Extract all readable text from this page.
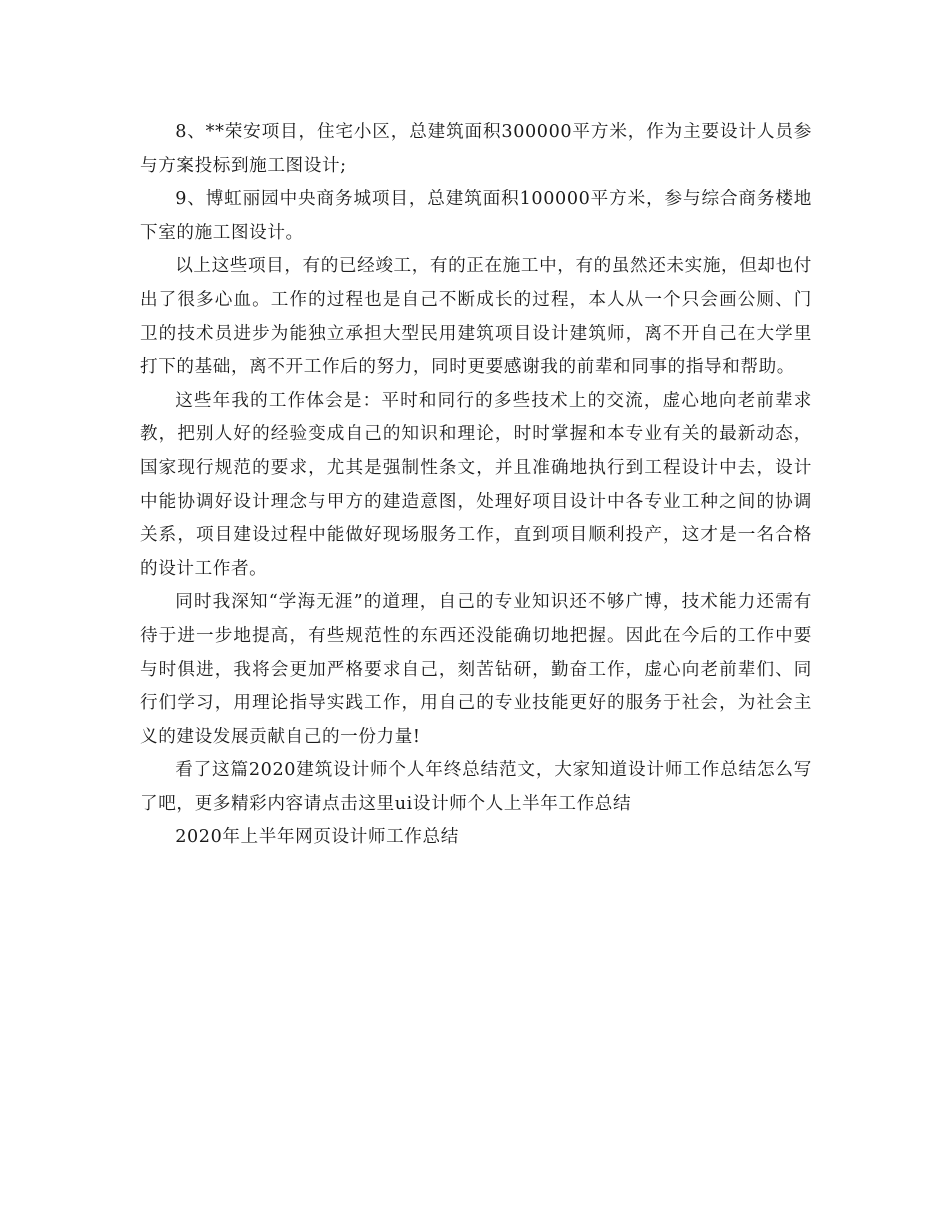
8、**荣安项目，住宅小区，总建筑面积300000平方米，作为主要设计人员参与方案投标到施工图设计;

9、博虹丽园中央商务城项目，总建筑面积100000平方米，参与综合商务楼地下室的施工图设计。

以上这些项目，有的已经竣工，有的正在施工中，有的虽然还未实施，但却也付出了很多心血。工作的过程也是自己不断成长的过程，本人从一个只会画公厕、门卫的技术员进步为能独立承担大型民用建筑项目设计建筑师，离不开自己在大学里打下的基础，离不开工作后的努力，同时更要感谢我的前辈和同事的指导和帮助。

这些年我的工作体会是：平时和同行的多些技术上的交流，虚心地向老前辈求教，把别人好的经验变成自己的知识和理论，时时掌握和本专业有关的最新动态，国家现行规范的要求，尤其是强制性条文，并且准确地执行到工程设计中去，设计中能协调好设计理念与甲方的建造意图，处理好项目设计中各专业工种之间的协调关系，项目建设过程中能做好现场服务工作，直到项目顺利投产，这才是一名合格的设计工作者。

同时我深知“学海无涯”的道理，自己的专业知识还不够广博，技术能力还需有待于进一步地提高，有些规范性的东西还没能确切地把握。因此在今后的工作中要与时俱进，我将会更加严格要求自己，刻苦钻研，勤奋工作，虚心向老前辈们、同行们学习，用理论指导实践工作，用自己的专业技能更好的服务于社会，为社会主义的建设发展贡献自己的一份力量!

看了这篇2020建筑设计师个人年终总结范文，大家知道设计师工作总结怎么写了吧，更多精彩内容请点击这里ui设计师个人上半年工作总结

2020年上半年网页设计师工作总结
